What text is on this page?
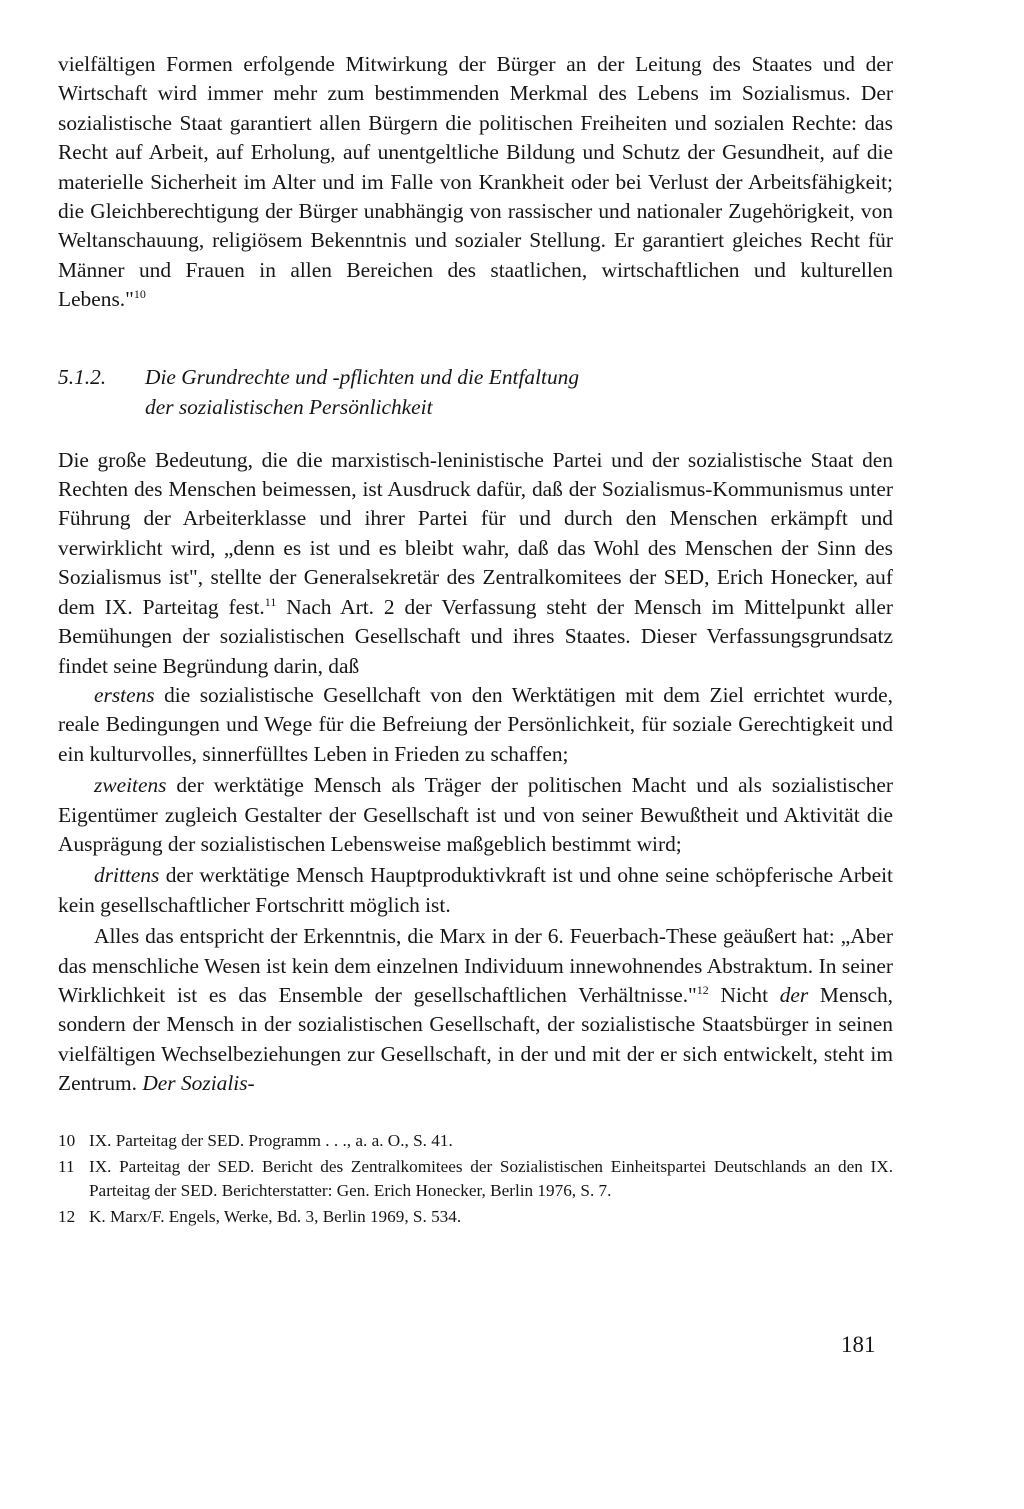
vielfältigen Formen erfolgende Mitwirkung der Bürger an der Leitung des Staates und der Wirtschaft wird immer mehr zum bestimmenden Merkmal des Lebens im Sozialismus. Der sozialistische Staat garantiert allen Bürgern die politischen Freiheiten und sozialen Rechte: das Recht auf Arbeit, auf Erholung, auf unentgeltliche Bildung und Schutz der Gesundheit, auf die materielle Sicherheit im Alter und im Falle von Krankheit oder bei Verlust der Arbeitsfähigkeit; die Gleichberechtigung der Bürger unabhängig von rassischer und nationaler Zugehörigkeit, von Weltanschauung, religiösem Bekenntnis und sozialer Stellung. Er garantiert gleiches Recht für Männer und Frauen in allen Bereichen des staatlichen, wirtschaftlichen und kulturellen Lebens."$^{10}$

5.1.2.	Die Grundrechte und -pflichten und die Entfaltung
der sozialistischen Persönlichkeit

Die große Bedeutung, die die marxistisch-leninistische Partei und der sozialistische Staat den Rechten des Menschen beimessen, ist Ausdruck dafür, daß der Sozialismus-Kommunismus unter Führung der Arbeiterklasse und ihrer Partei für und durch den Menschen erkämpft und verwirklicht wird, „denn es ist und es bleibt wahr, daß das Wohl des Menschen der Sinn des Sozialismus ist", stellte der Generalsekretär des Zentralkomitees der SED, Erich Honecker, auf dem IX. Parteitag fest.$^{11}$ Nach Art. 2 der Verfassung steht der Mensch im Mittelpunkt aller Bemühungen der sozialistischen Gesellschaft und ihres Staates. Dieser Verfassungsgrundsatz findet seine Begründung darin, daß

erstens die sozialistische Gesellchaft von den Werktätigen mit dem Ziel errichtet wurde, reale Bedingungen und Wege für die Befreiung der Persönlichkeit, für soziale Gerechtigkeit und ein kulturvolles, sinnerfülltes Leben in Frieden zu schaffen;

zweitens der werktätige Mensch als Träger der politischen Macht und als sozialistischer Eigentümer zugleich Gestalter der Gesellschaft ist und von seiner Bewußtheit und Aktivität die Ausprägung der sozialistischen Lebensweise maßgeblich bestimmt wird;

drittens der werktätige Mensch Hauptproduktivkraft ist und ohne seine schöpferische Arbeit kein gesellschaftlicher Fortschritt möglich ist.

Alles das entspricht der Erkenntnis, die Marx in der 6. Feuerbach-These geäußert hat: „Aber das menschliche Wesen ist kein dem einzelnen Individuum innewohnendes Abstraktum. In seiner Wirklichkeit ist es das Ensemble der gesellschaftlichen Verhältnisse."$^{12}$ Nicht der Mensch, sondern der Mensch in der sozialistischen Gesellschaft, der sozialistische Staatsbürger in seinen vielfältigen Wechselbeziehungen zur Gesellschaft, in der und mit der er sich entwickelt, steht im Zentrum. Der Sozialis-

10 IX. Parteitag der SED. Programm . . ., a. a. O., S. 41.
11 IX. Parteitag der SED. Bericht des Zentralkomitees der Sozialistischen Einheitspartei Deutschlands an den IX. Parteitag der SED. Berichterstatter: Gen. Erich Honecker, Berlin 1976, S. 7.
12 K. Marx/F. Engels, Werke, Bd. 3, Berlin 1969, S. 534.
181
